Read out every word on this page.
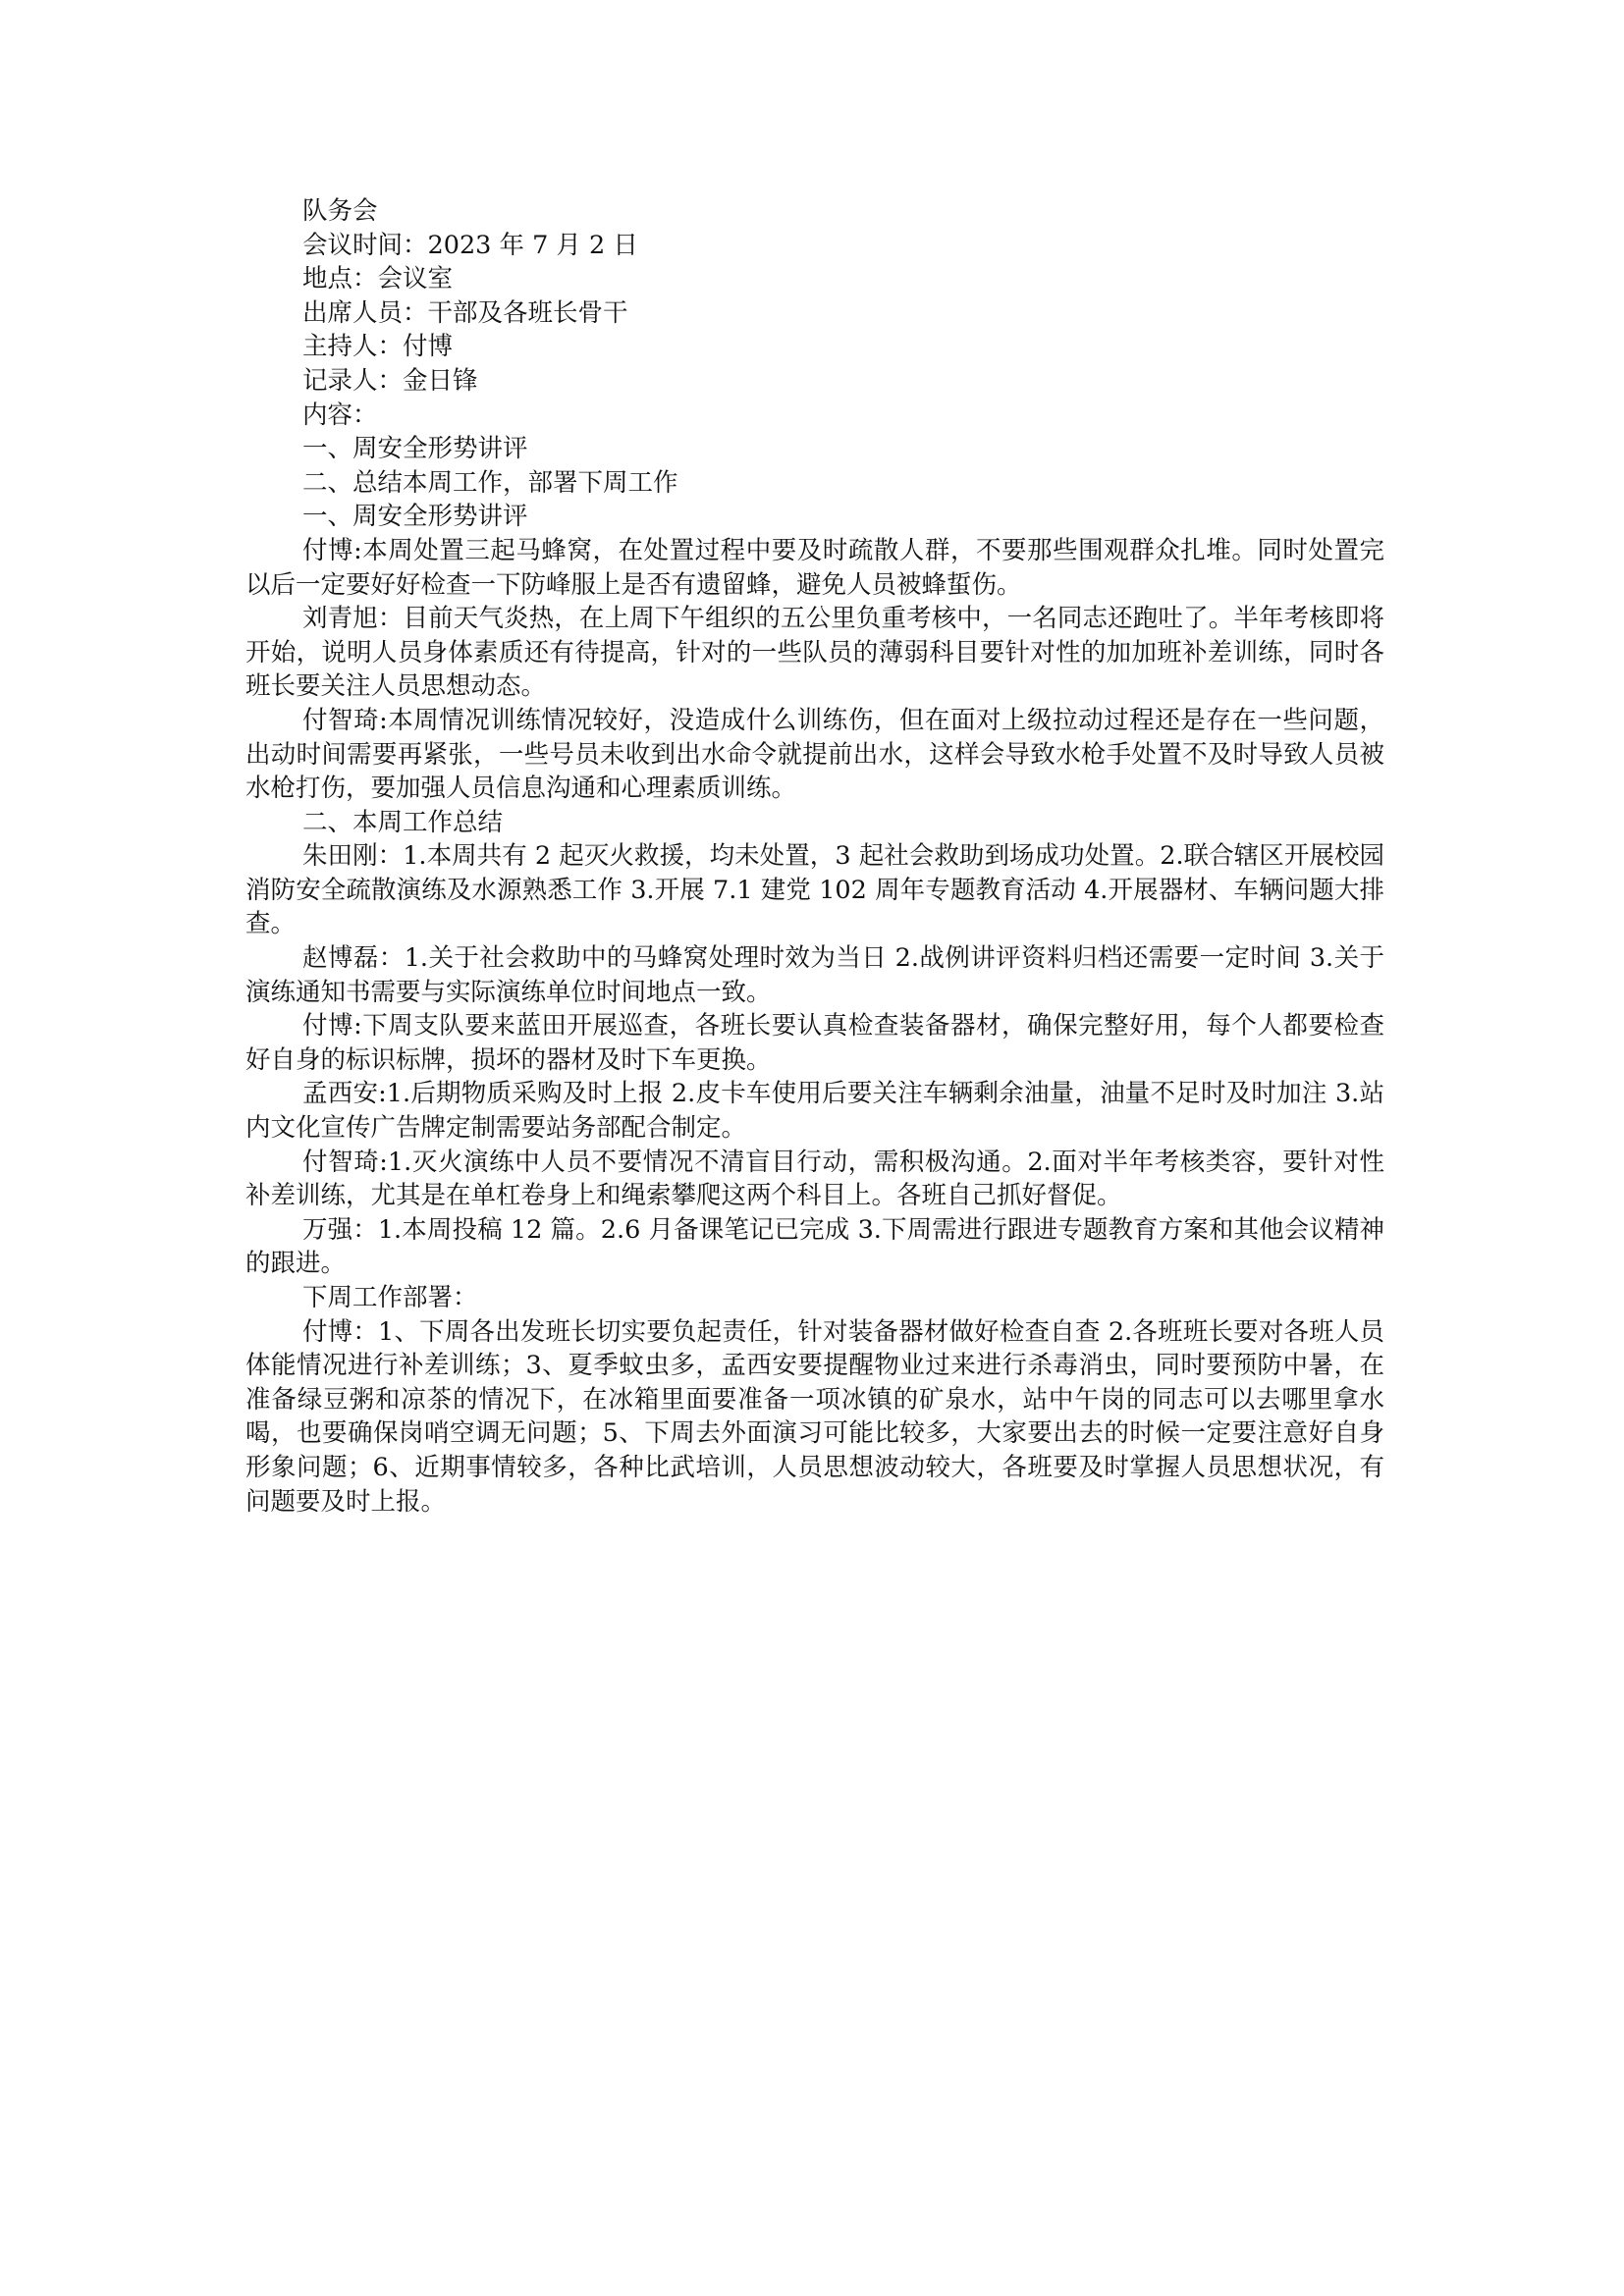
队务会

会议时间：2023 年 7 月 2 日

地点：会议室

出席人员：干部及各班长骨干

主持人：付博

记录人：金日锋

内容：

一、周安全形势讲评

二、总结本周工作，部署下周工作

一、周安全形势讲评

付博:本周处置三起马蜂窝，在处置过程中要及时疏散人群，不要那些围观群众扎堆。同时处置完以后一定要好好检查一下防峰服上是否有遗留蜂，避免人员被蜂蜇伤。

刘青旭：目前天气炎热，在上周下午组织的五公里负重考核中，一名同志还跑吐了。半年考核即将开始，说明人员身体素质还有待提高，针对的一些队员的薄弱科目要针对性的加加班补差训练，同时各班长要关注人员思想动态。

付智琦:本周情况训练情况较好，没造成什么训练伤，但在面对上级拉动过程还是存在一些问题，出动时间需要再紧张，一些号员未收到出水命令就提前出水，这样会导致水枪手处置不及时导致人员被水枪打伤，要加强人员信息沟通和心理素质训练。

二、本周工作总结

朱田刚：1.本周共有 2 起灭火救援，均未处置，3 起社会救助到场成功处置。2.联合辖区开展校园消防安全疏散演练及水源熟悉工作 3.开展 7.1 建党 102 周年专题教育活动 4.开展器材、车辆问题大排查。

赵博磊：1.关于社会救助中的马蜂窝处理时效为当日 2.战例讲评资料归档还需要一定时间 3.关于演练通知书需要与实际演练单位时间地点一致。

付博:下周支队要来蓝田开展巡查，各班长要认真检查装备器材，确保完整好用，每个人都要检查好自身的标识标牌，损坏的器材及时下车更换。

孟西安:1.后期物质采购及时上报 2.皮卡车使用后要关注车辆剩余油量，油量不足时及时加注 3.站内文化宣传广告牌定制需要站务部配合制定。

付智琦:1.灭火演练中人员不要情况不清盲目行动，需积极沟通。2.面对半年考核类容，要针对性补差训练，尤其是在单杠卷身上和绳索攀爬这两个科目上。各班自己抓好督促。

万强：1.本周投稿 12 篇。2.6 月备课笔记已完成 3.下周需进行跟进专题教育方案和其他会议精神的跟进。

下周工作部署：

付博：1、下周各出发班长切实要负起责任，针对装备器材做好检查自查 2.各班班长要对各班人员体能情况进行补差训练；3、夏季蚊虫多，孟西安要提醒物业过来进行杀毒消虫，同时要预防中暑，在准备绿豆粥和凉茶的情况下，在冰箱里面要准备一项冰镇的矿泉水，站中午岗的同志可以去哪里拿水喝，也要确保岗哨空调无问题；5、下周去外面演习可能比较多，大家要出去的时候一定要注意好自身形象问题；6、近期事情较多，各种比武培训，人员思想波动较大，各班要及时掌握人员思想状况，有问题要及时上报。
